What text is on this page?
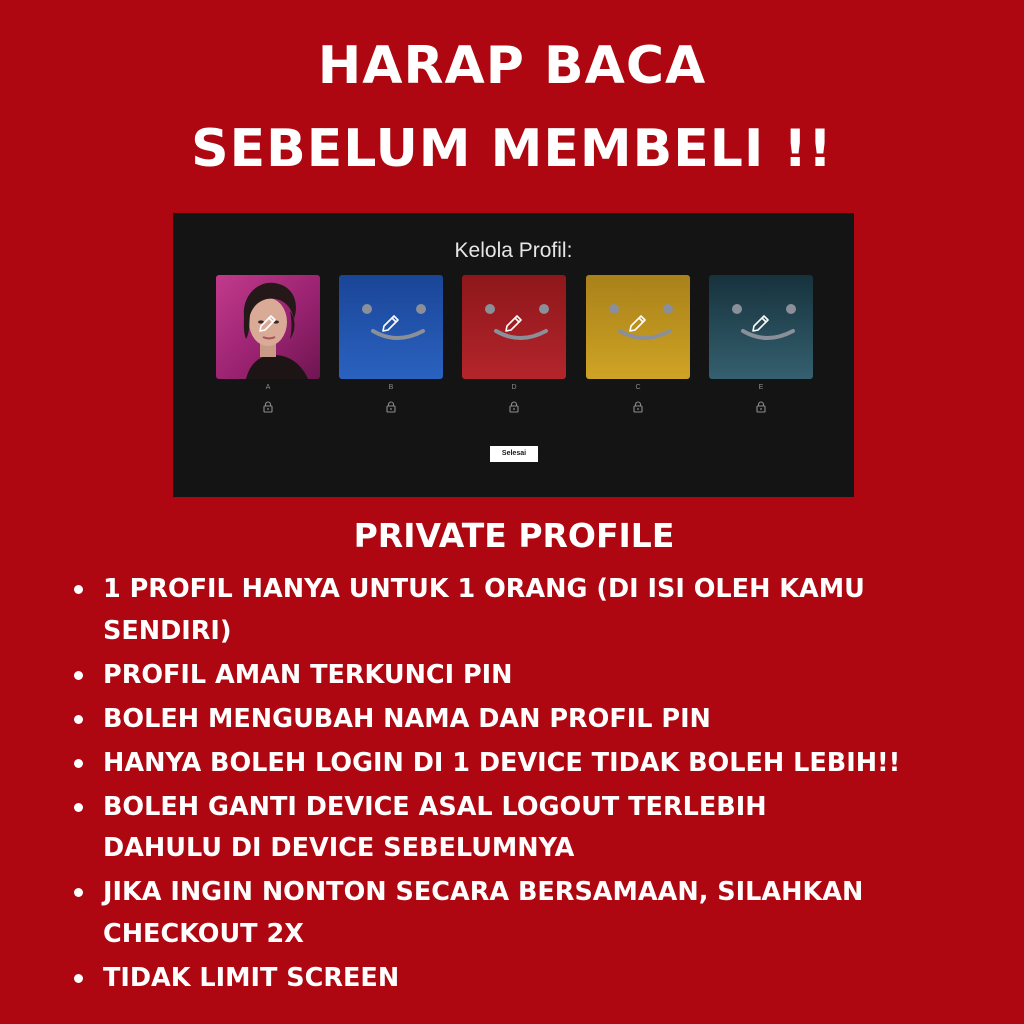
HARAP BACA
SEBELUM MEMBELI !!
Kelola Profil:
A	B	D	C	E
Selesai
PRIVATE PROFILE
1 PROFIL HANYA UNTUK 1 ORANG (DI ISI OLEH KAMU
SENDIRI)
PROFIL AMAN TERKUNCI PIN
BOLEH MENGUBAH NAMA DAN PROFIL PIN
HANYA BOLEH LOGIN DI 1 DEVICE TIDAK BOLEH LEBIH!!
BOLEH GANTI DEVICE ASAL LOGOUT TERLEBIH
DAHULU DI DEVICE SEBELUMNYA
JIKA INGIN NONTON SECARA BERSAMAAN, SILAHKAN
CHECKOUT 2X
TIDAK LIMIT SCREEN
